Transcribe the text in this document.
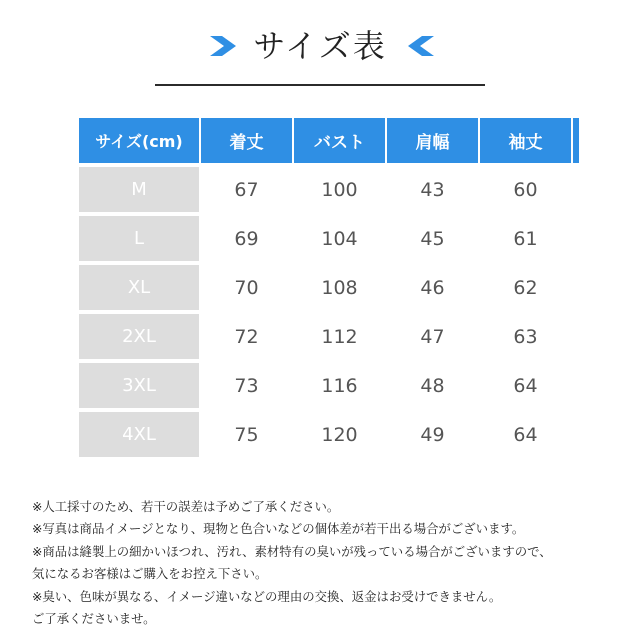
サイズ表
サイズ(cm)	着丈	バスト	肩幅	袖丈
M	67	100	43	60
L	69	104	45	61
XL	70	108	46	62
2XL	72	112	47	63
3XL	73	116	48	64
4XL	75	120	49	64
※人工採寸のため、若干の誤差は予めご了承ください。
※写真は商品イメージとなり、現物と色合いなどの個体差が若干出る場合がございます。
※商品は縫製上の細かいほつれ、汚れ、素材特有の臭いが残っている場合がございますので、
気になるお客様はご購入をお控え下さい。
※臭い、色味が異なる、イメージ違いなどの理由の交換、返金はお受けできません。
ご了承くださいませ。
